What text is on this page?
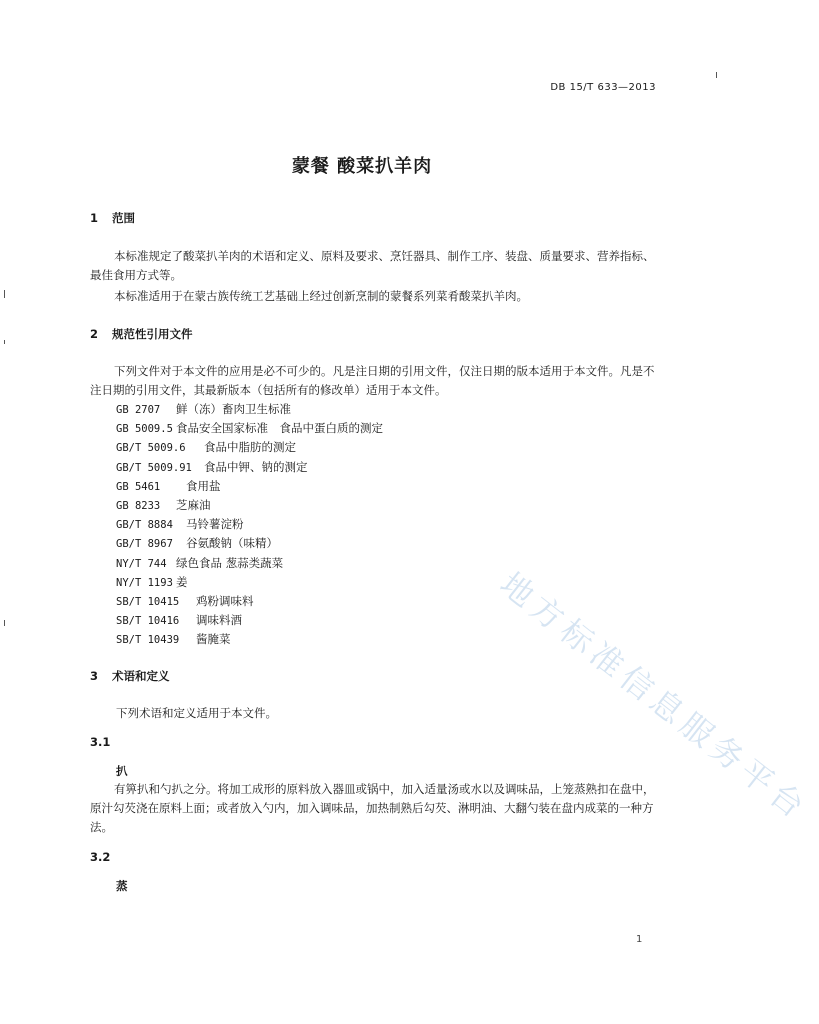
DB 15/T 633—2013
蒙餐 酸菜扒羊肉
1 范围
本标准规定了酸菜扒羊肉的术语和定义、原料及要求、烹饪器具、制作工序、装盘、质量要求、营养指标、最佳食用方式等。
本标准适用于在蒙古族传统工艺基础上经过创新烹制的蒙餐系列菜肴酸菜扒羊肉。
2 规范性引用文件
下列文件对于本文件的应用是必不可少的。凡是注日期的引用文件，仅注日期的版本适用于本文件。凡是不注日期的引用文件，其最新版本（包括所有的修改单）适用于本文件。
GB 2707 鲜（冻）畜肉卫生标准
GB 5009.5 食品安全国家标准　食品中蛋白质的测定
GB/T 5009.6 食品中脂肪的测定
GB/T 5009.91 食品中钾、钠的测定
GB 5461 食用盐
GB 8233 芝麻油
GB/T 8884 马铃薯淀粉
GB/T 8967 谷氨酸钠（味精）
NY/T 744 绿色食品 葱蒜类蔬菜
NY/T 1193 姜
SB/T 10415 鸡粉调味料
SB/T 10416 调味料酒
SB/T 10439 酱腌菜
3 术语和定义
下列术语和定义适用于本文件。
3.1
扒
有箅扒和勺扒之分。将加工成形的原料放入器皿或锅中，加入适量汤或水以及调味品，上笼蒸熟扣在盘中，原汁勾芡浇在原料上面；或者放入勺内，加入调味品，加热制熟后勾芡、淋明油、大翻勺装在盘内成菜的一种方法。
3.2
蒸
地方标准信息服务平台
1
